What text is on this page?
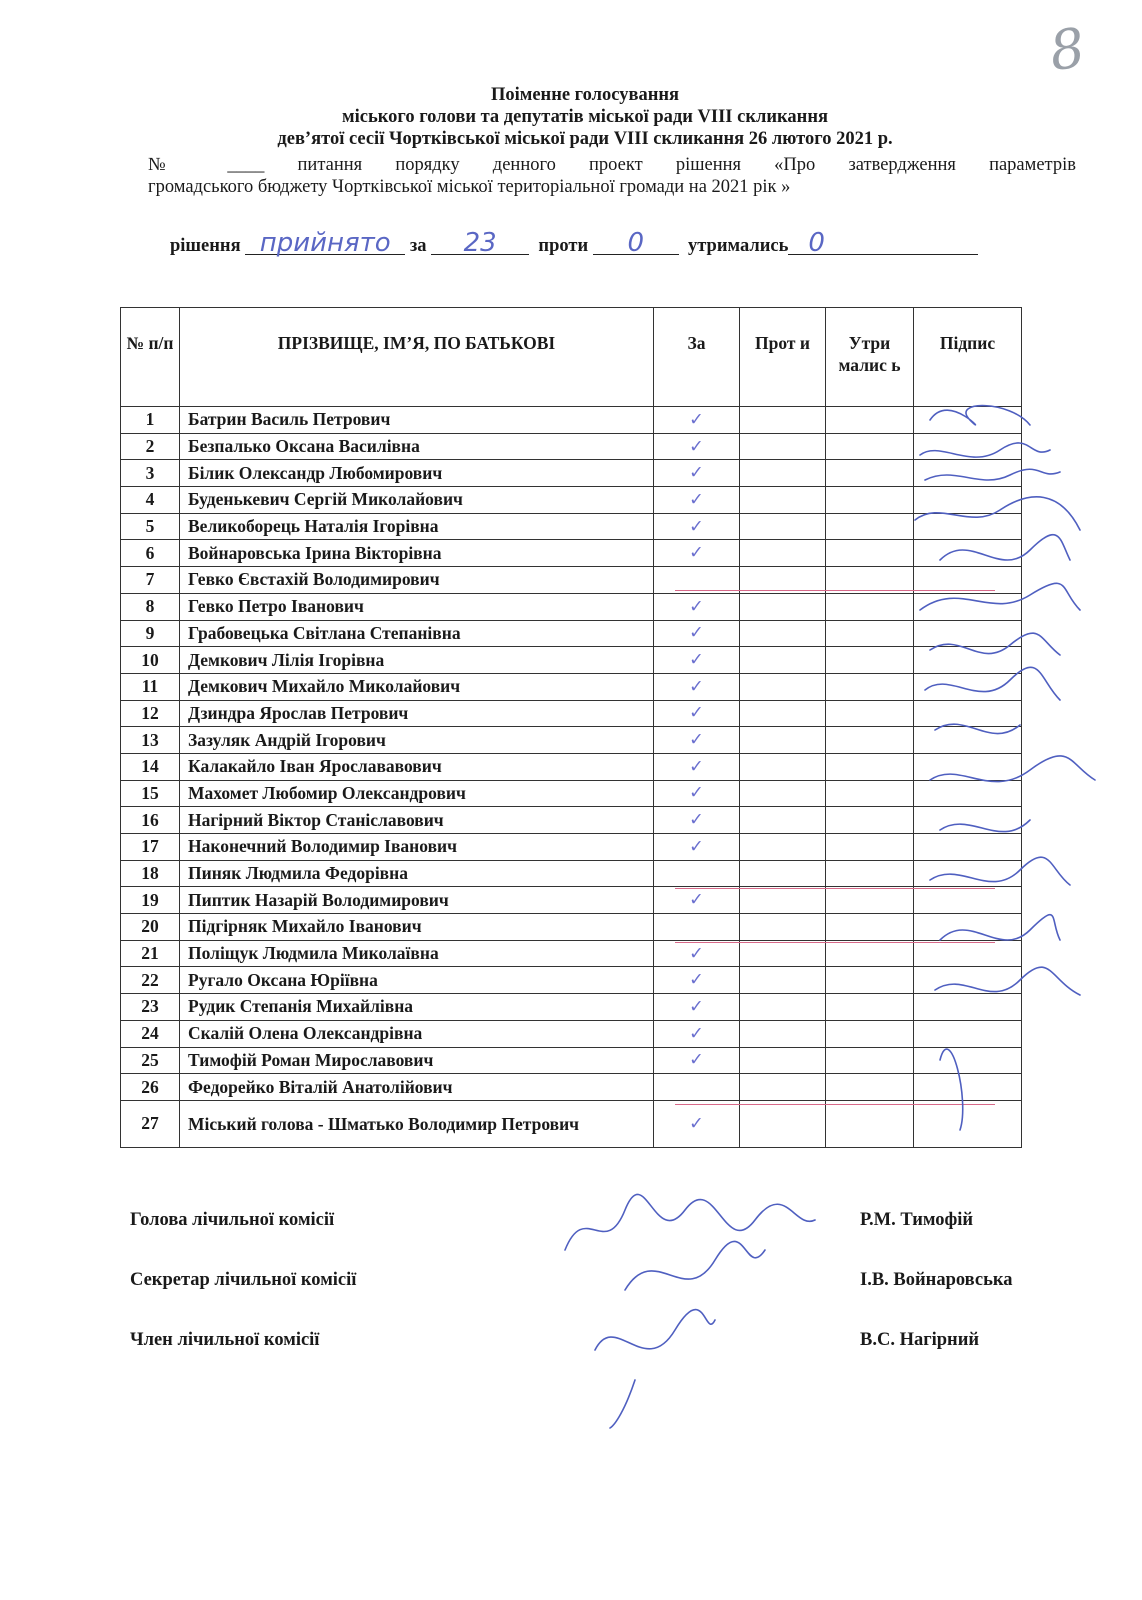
8
Поіменне голосування
міського голови та депутатів міської ради VIII скликання
дев’ятої сесії Чортківської міської ради VIII скликання 26 лютого 2021 р.
№ ____ питання порядку денного проект рішення «Про затвердження параметрів
громадського бюджету Чортківської міської територіальної громади на 2021 рік »
рішення прийнято за 23 проти 0 утримались 0
№ п/п	ПРІЗВИЩЕ, ІМ’Я, ПО БАТЬКОВІ	За	Прот и	Утри малис ь	Підпис
1	Батрин Василь Петрович	✓			
2	Безпалько Оксана Василівна	✓			
3	Білик Олександр Любомирович	✓			
4	Буденькевич Сергій Миколайович	✓			
5	Великоборець Наталія Ігорівна	✓			
6	Войнаровська Ірина Вікторівна	✓			
7	Гевко Євстахій Володимирович				
8	Гевко Петро Іванович	✓			
9	Грабовецька Світлана Степанівна	✓			
10	Демкович Лілія Ігорівна	✓			
11	Демкович Михайло Миколайович	✓			
12	Дзиндра Ярослав Петрович	✓			
13	Зазуляк Андрій Ігорович	✓			
14	Калакайло Іван Ярослававович	✓			
15	Махомет Любомир Олександрович	✓			
16	Нагірний Віктор Станіславович	✓			
17	Наконечний Володимир Іванович	✓			
18	Пиняк Людмила Федорівна				
19	Пиптик Назарій Володимирович	✓			
20	Підгірняк Михайло Іванович				
21	Поліщук Людмила Миколаївна	✓			
22	Ругало Оксана Юріївна	✓			
23	Рудик Степанія Михайлівна	✓			
24	Скалій Олена Олександрівна	✓			
25	Тимофій Роман Мирославович	✓			
26	Федорейко Віталій Анатолійович				
27	Міський голова - Шматько Володимир Петрович	✓			
Голова лічильної комісії	Р.М. Тимофій
Секретар лічильної комісії	І.В. Войнаровська
Член лічильної комісії	В.С. Нагірний
